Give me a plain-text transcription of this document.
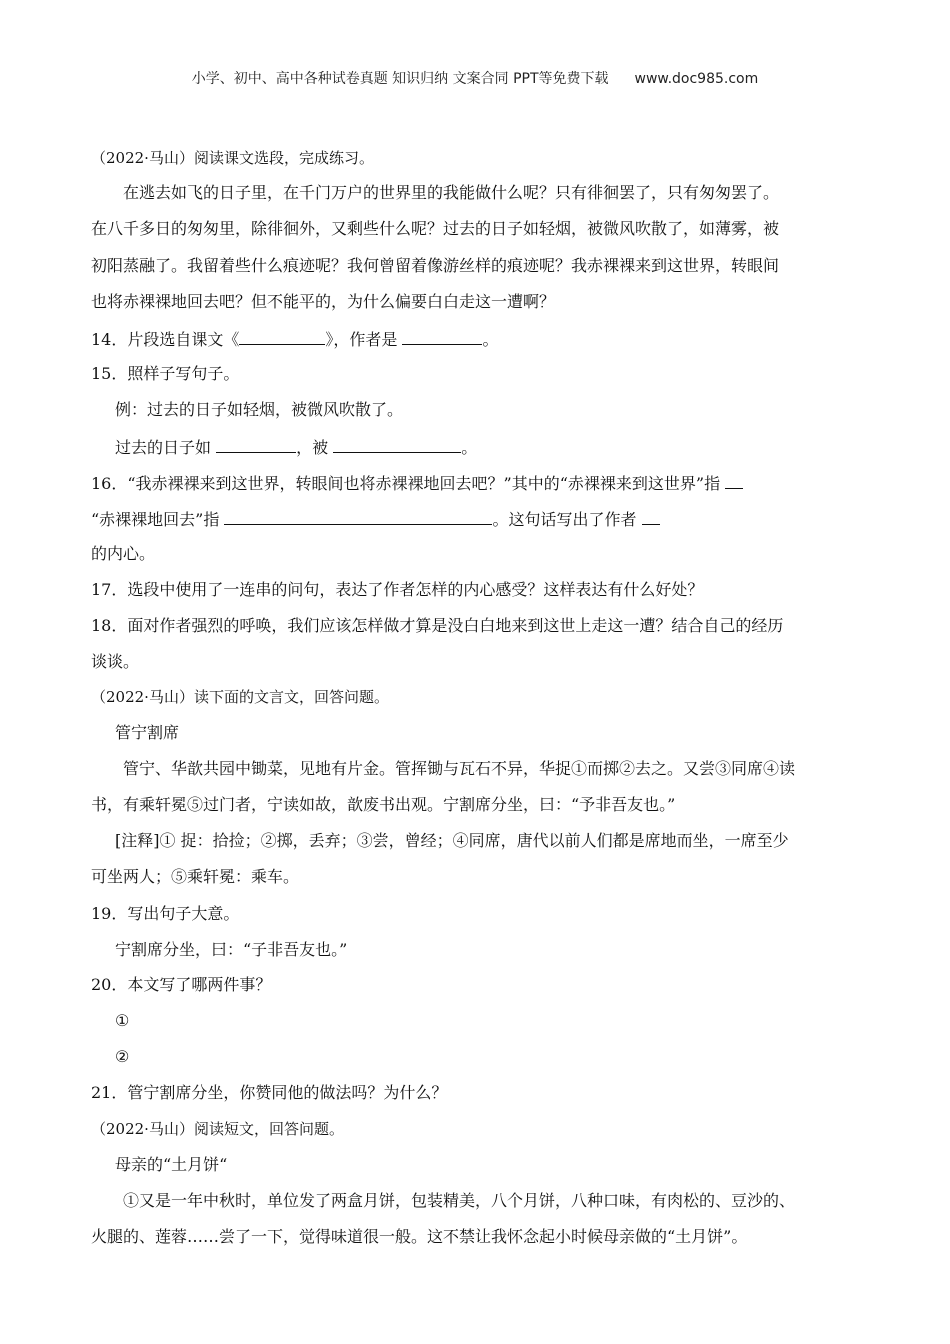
小学、初中、高中各种试卷真题 知识归纳 文案合同 PPT等免费下载 www.doc985.com
（2022·马山）阅读课文选段，完成练习。
在逃去如飞的日子里，在千门万户的世界里的我能做什么呢？只有徘徊罢了，只有匆匆罢了。
在八千多日的匆匆里，除徘徊外，又剩些什么呢？过去的日子如轻烟，被微风吹散了，如薄雾，被
初阳蒸融了。我留着些什么痕迹呢？我何曾留着像游丝样的痕迹呢？我赤裸裸来到这世界，转眼间
也将赤裸裸地回去吧？但不能平的，为什么偏要白白走这一遭啊？
14．片段选自课文《	》，作者是	。
15．照样子写句子。
例：过去的日子如轻烟，被微风吹散了。
过去的日子如	，被	。
16．“我赤裸裸来到这世界，转眼间也将赤裸裸地回去吧？”其中的“赤裸裸来到这世界”指
“赤裸裸地回去”指	。这句话写出了作者
的内心。
17．选段中使用了一连串的问句，表达了作者怎样的内心感受？这样表达有什么好处？
18．面对作者强烈的呼唤，我们应该怎样做才算是没白白地来到这世上走这一遭？结合自己的经历
谈谈。
（2022·马山）读下面的文言文，回答问题。
管宁割席
管宁、华歆共园中锄菜，见地有片金。管挥锄与瓦石不异，华捉①而掷②去之。又尝③同席④读
书，有乘轩冕⑤过门者，宁读如故，歆废书出观。宁割席分坐，曰：“予非吾友也。”
[注释]① 捉：拾捡；②掷，丢弃；③尝，曾经；④同席，唐代以前人们都是席地而坐，一席至少
可坐两人；⑤乘轩冕：乘车。
19．写出句子大意。
宁割席分坐，曰：“子非吾友也。”
20．本文写了哪两件事？
①
②
21．管宁割席分坐，你赞同他的做法吗？为什么？
（2022·马山）阅读短文，回答问题。
母亲的“土月饼“
①又是一年中秋时，单位发了两盒月饼，包装精美，八个月饼，八种口味，有肉松的、豆沙的、
火腿的、莲蓉……尝了一下，觉得味道很一般。这不禁让我怀念起小时候母亲做的“土月饼”。
